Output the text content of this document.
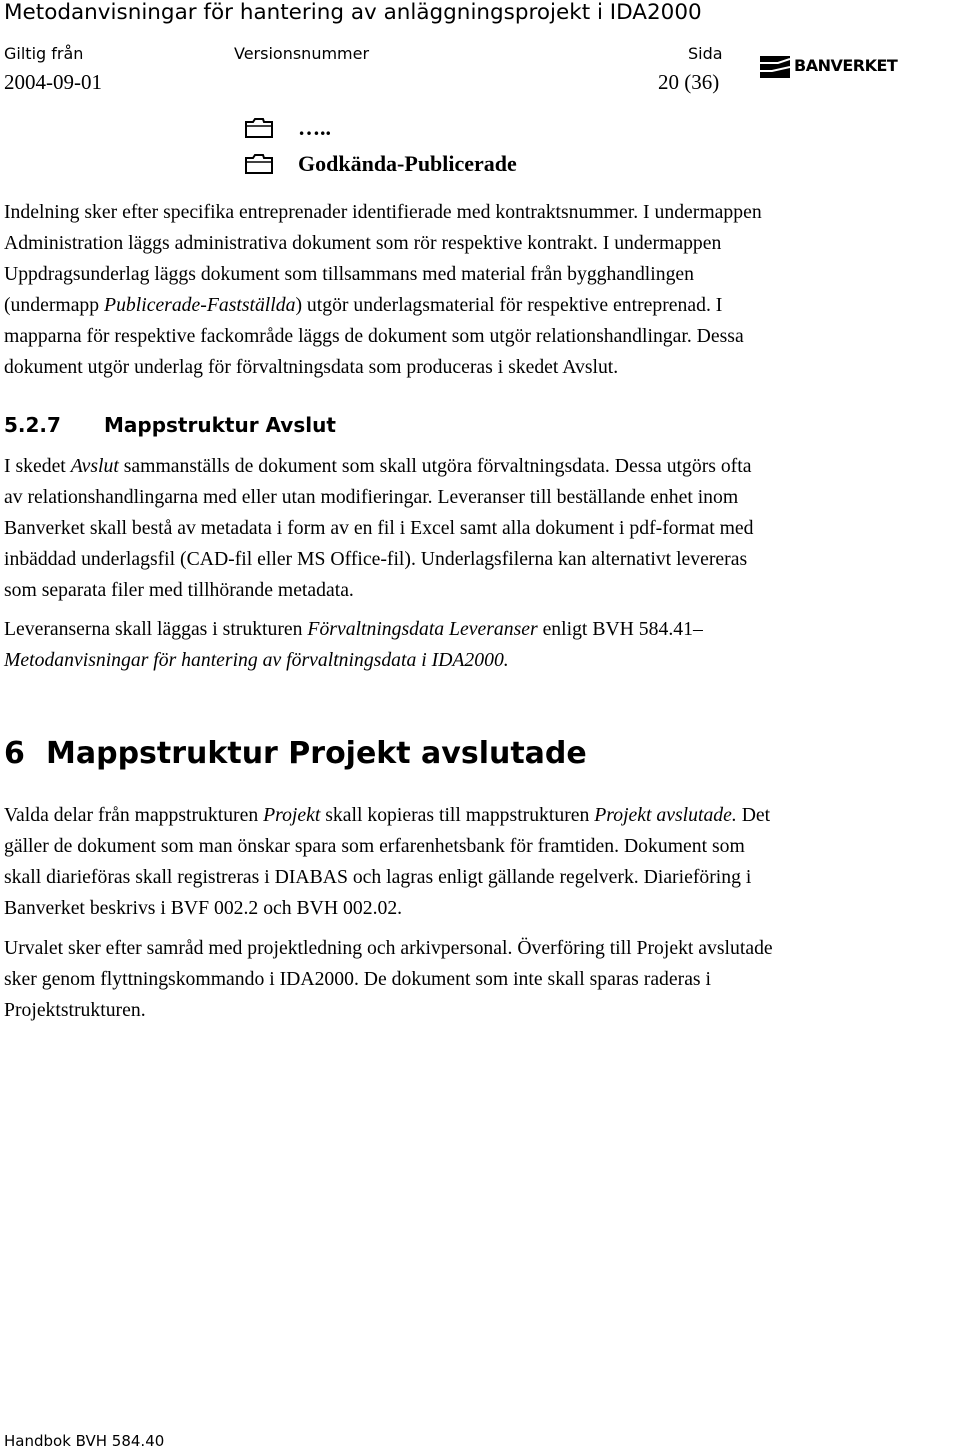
Metodanvisningar för hantering av anläggningsprojekt i IDA2000
Giltig från	Versionsnummer	Sida
2004-09-01	20 (36)
BANVERKET
…..
Godkända-Publicerade
Indelning sker efter specifika entreprenader identifierade med kontraktsnummer. I undermappen
Administration läggs administrativa dokument som rör respektive kontrakt. I undermappen
Uppdragsunderlag läggs dokument som tillsammans med material från bygghandlingen
(undermapp Publicerade-Fastställda) utgör underlagsmaterial för respektive entreprenad. I
mapparna för respektive fackområde läggs de dokument som utgör relationshandlingar. Dessa
dokument utgör underlag för förvaltningsdata som produceras i skedet Avslut.
5.2.7 Mappstruktur Avslut
I skedet Avslut sammanställs de dokument som skall utgöra förvaltningsdata. Dessa utgörs ofta
av relationshandlingarna med eller utan modifieringar. Leveranser till beställande enhet inom
Banverket skall bestå av metadata i form av en fil i Excel samt alla dokument i pdf-format med
inbäddad underlagsfil (CAD-fil eller MS Office-fil). Underlagsfilerna kan alternativt levereras
som separata filer med tillhörande metadata.
Leveranserna skall läggas i strukturen Förvaltningsdata Leveranser enligt BVH 584.41–
Metodanvisningar för hantering av förvaltningsdata i IDA2000.
6 Mappstruktur Projekt avslutade
Valda delar från mappstrukturen Projekt skall kopieras till mappstrukturen Projekt avslutade. Det
gäller de dokument som man önskar spara som erfarenhetsbank för framtiden. Dokument som
skall diarieföras skall registreras i DIABAS och lagras enligt gällande regelverk. Diarieföring i
Banverket beskrivs i BVF 002.2 och BVH 002.02.
Urvalet sker efter samråd med projektledning och arkivpersonal. Överföring till Projekt avslutade
sker genom flyttningskommando i IDA2000. De dokument som inte skall sparas raderas i
Projektstrukturen.
Handbok BVH 584.40
